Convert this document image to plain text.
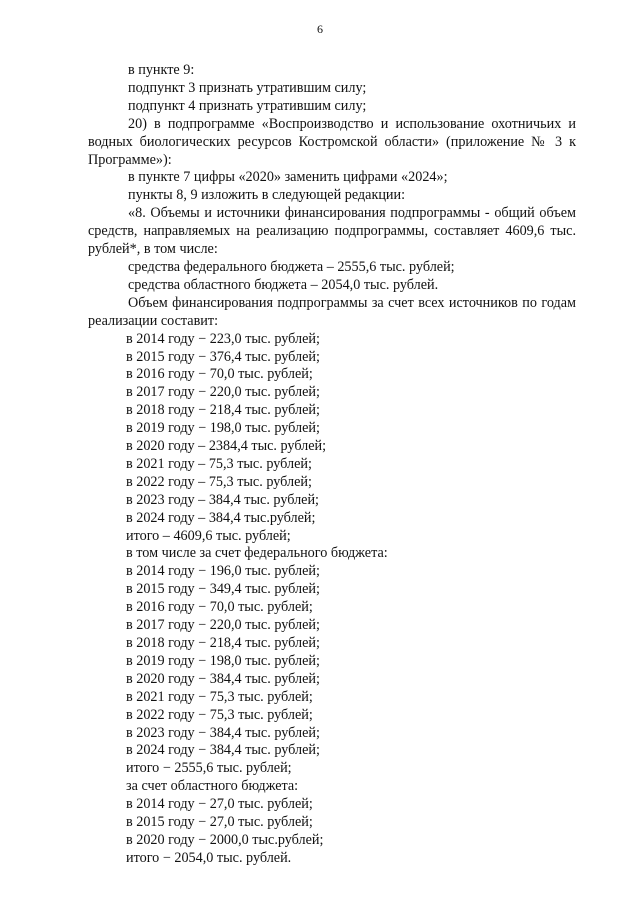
6

в пункте 9:

подпункт 3 признать утратившим силу;

подпункт 4 признать утратившим силу;

20) в подпрограмме «Воспроизводство и использование охотничьих и водных биологических ресурсов Костромской области» (приложение № 3 к Программе»):

в пункте 7 цифры «2020» заменить цифрами «2024»;

пункты 8, 9 изложить в следующей редакции:

«8. Объемы и источники финансирования подпрограммы - общий объем средств, направляемых на реализацию подпрограммы, составляет 4609,6 тыс. рублей*, в том числе:

средства федерального бюджета – 2555,6 тыс. рублей;

средства областного бюджета – 2054,0 тыс. рублей.

Объем финансирования подпрограммы за счет всех источников по годам реализации составит:

в 2014 году − 223,0 тыс. рублей;

в 2015 году − 376,4 тыс. рублей;

в 2016 году − 70,0 тыс. рублей;

в 2017 году − 220,0 тыс. рублей;

в 2018 году − 218,4 тыс. рублей;

в 2019 году − 198,0 тыс. рублей;

в 2020 году – 2384,4 тыс. рублей;

в 2021 году – 75,3 тыс. рублей;

в 2022 году – 75,3 тыс. рублей;

в 2023 году – 384,4 тыс. рублей;

в 2024 году – 384,4 тыс.рублей;

итого – 4609,6 тыс. рублей;

в том числе за счет федерального бюджета:

в 2014 году − 196,0 тыс. рублей;

в 2015 году − 349,4 тыс. рублей;

в 2016 году − 70,0 тыс. рублей;

в 2017 году − 220,0 тыс. рублей;

в 2018 году − 218,4 тыс. рублей;

в 2019 году − 198,0 тыс. рублей;

в 2020 году − 384,4 тыс. рублей;

в 2021 году − 75,3 тыс. рублей;

в 2022 году − 75,3 тыс. рублей;

в 2023 году − 384,4 тыс. рублей;

в 2024 году − 384,4 тыс. рублей;

итого − 2555,6 тыс. рублей;

за счет областного бюджета:

в 2014 году − 27,0 тыс. рублей;

в 2015 году − 27,0 тыс. рублей;

в 2020 году − 2000,0 тыс.рублей;

итого − 2054,0 тыс. рублей.
